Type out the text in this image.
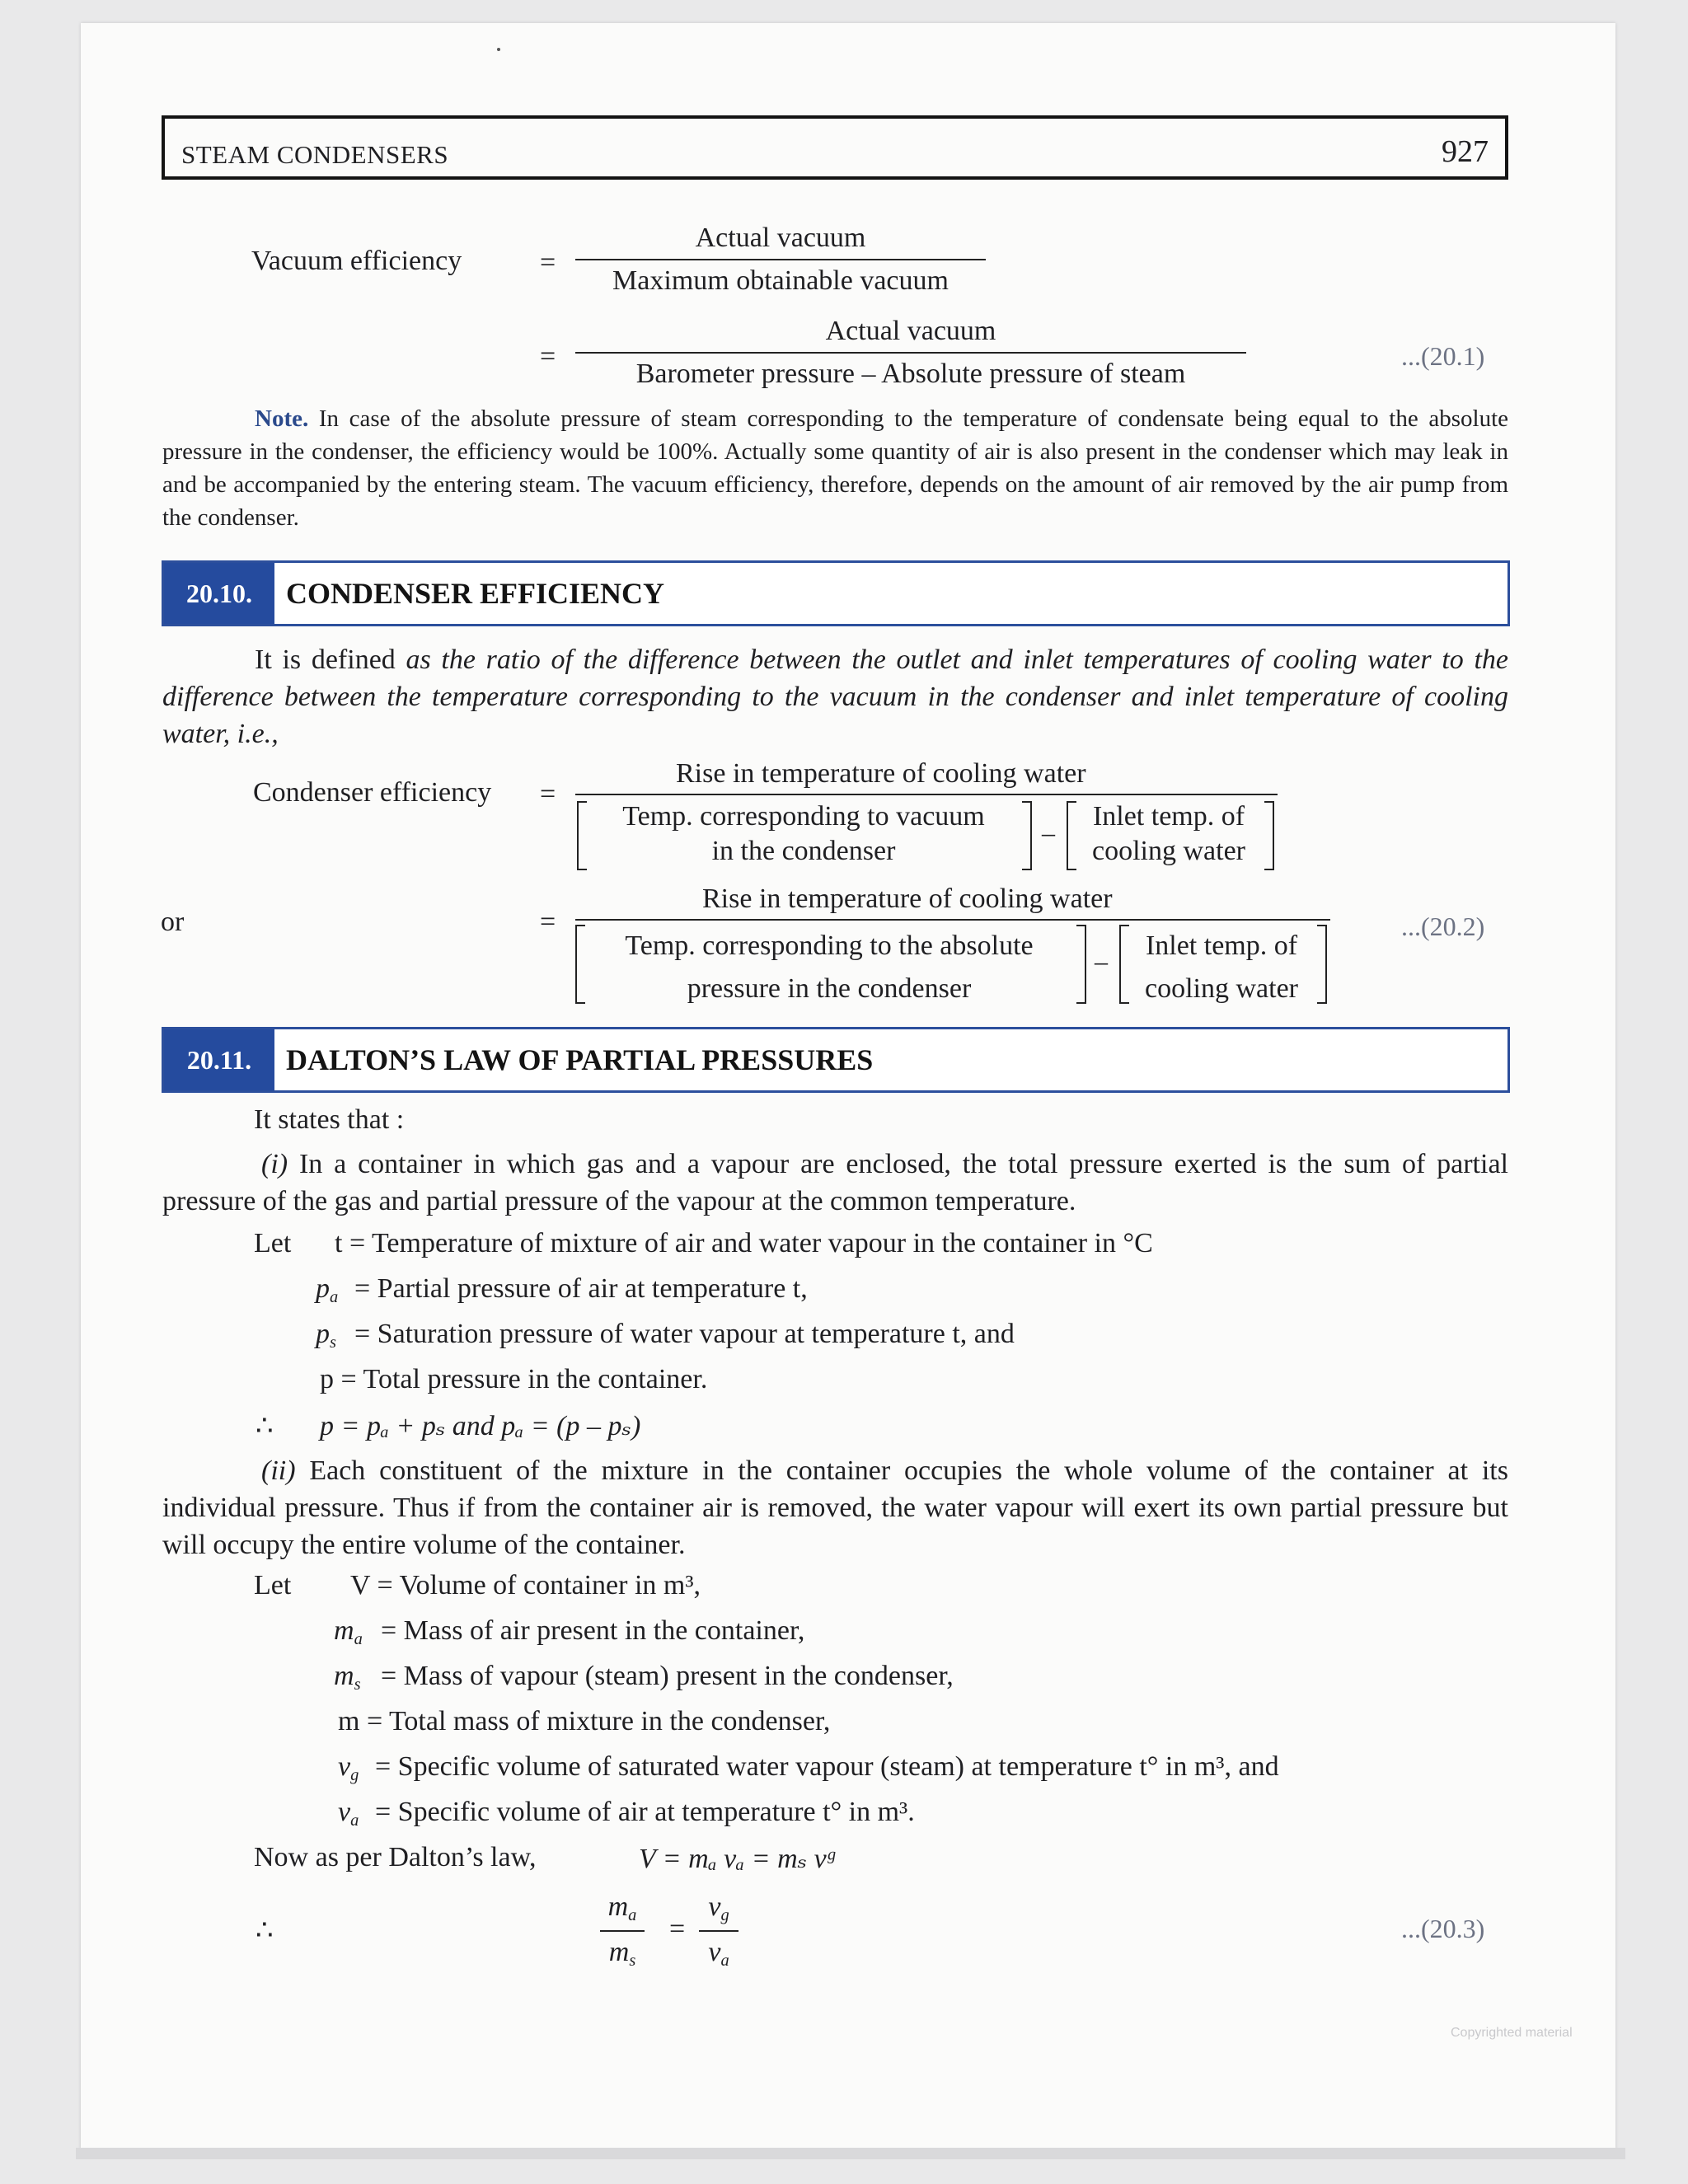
STEAM CONDENSERS	927
Vacuum efficiency	=
Actual vacuum
Maximum obtainable vacuum
=
Actual vacuum
Barometer pressure – Absolute pressure of steam
...(20.1)
Note. In case of the absolute pressure of steam corresponding to the temperature of condensate being equal to the absolute pressure in the condenser, the efficiency would be 100%. Actually some quantity of air is also present in the condenser which may leak in and be accompanied by the entering steam. The vacuum efficiency, therefore, depends on the amount of air removed by the air pump from the condenser.
20.10.	CONDENSER EFFICIENCY
It is defined as the ratio of the difference between the outlet and inlet temperatures of cooling water to the difference between the temperature corresponding to the vacuum in the condenser and inlet temperature of cooling water, i.e.,
Condenser efficiency =
Rise in temperature of cooling water
Temp. corresponding to vacuum
in the condenser
–
Inlet temp. of
cooling water
or	=
Rise in temperature of cooling water
Temp. corresponding to the absolute
pressure in the condenser
–	Inlet temp. of
cooling water
...(20.2)
20.11.	DALTON’S LAW OF PARTIAL PRESSURES
It states that :
(i) In a container in which gas and a vapour are enclosed, the total pressure exerted is the sum of partial pressure of the gas and partial pressure of the vapour at the common temperature.
Let t = Temperature of mixture of air and water vapour in the container in °C
$p_a$ = Partial pressure of air at temperature t,
$p_s$ = Saturation pressure of water vapour at temperature t, and
p = Total pressure in the container.
∴ p = pₐ + pₛ and pₐ = (p – pₛ)
(ii) Each constituent of the mixture in the container occupies the whole volume of the container at its individual pressure. Thus if from the container air is removed, the water vapour will exert its own partial pressure but will occupy the entire volume of the container.
Let V = Volume of container in m³,
$m_a$ = Mass of air present in the container,
$m_s$ = Mass of vapour (steam) present in the condenser,
m = Total mass of mixture in the condenser,
$v_g$ = Specific volume of saturated water vapour (steam) at temperature t° in m³, and
$v_a$ = Specific volume of air at temperature t° in m³.
Now as per Dalton’s law,	V = mₐ vₐ = mₛ vᵍ
∴
$m_a$
$m_s$
=
$v_g$
$v_a$
...(20.3)
Copyrighted material
